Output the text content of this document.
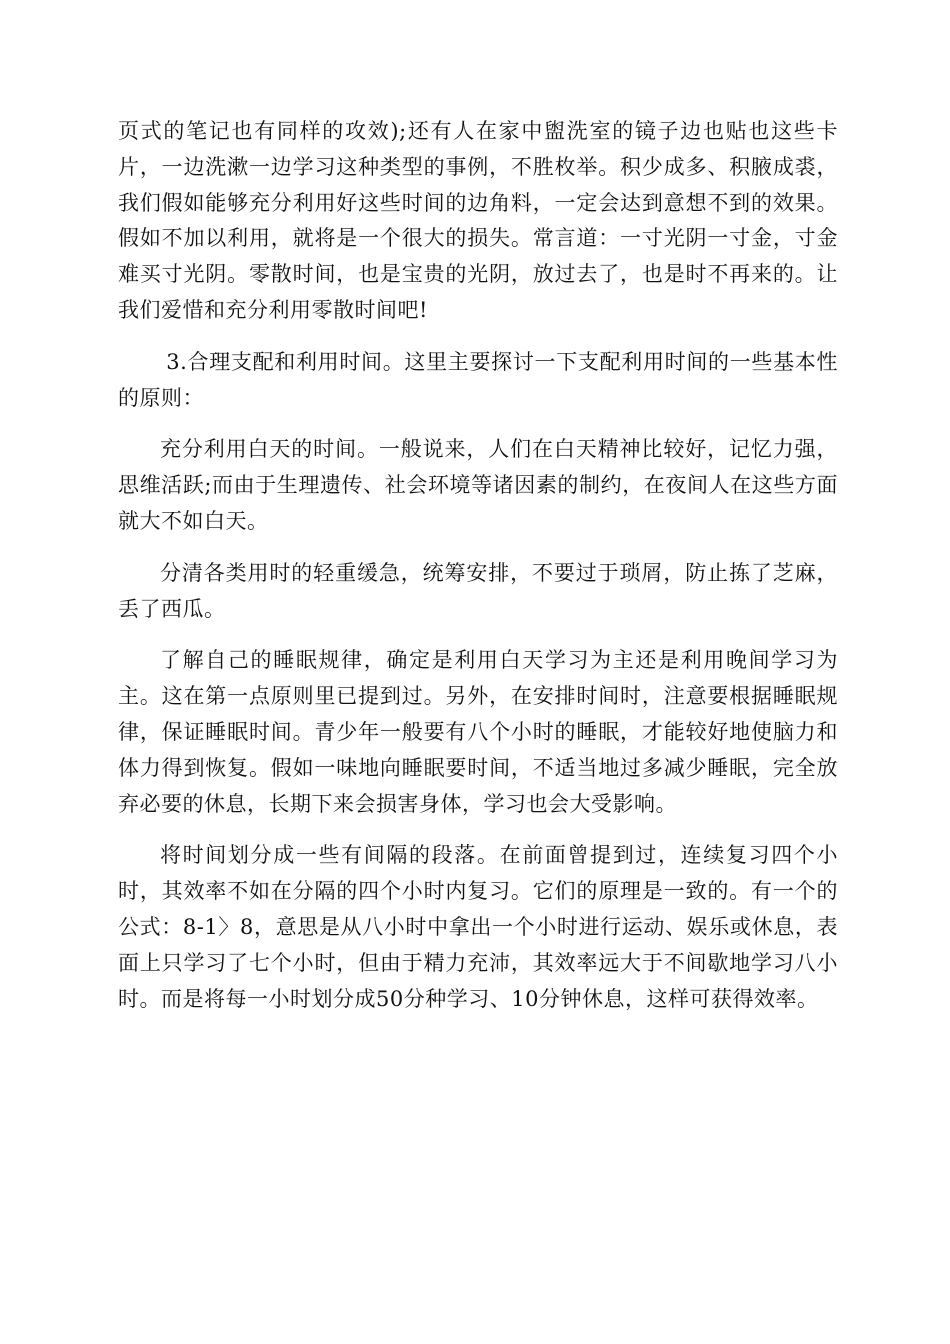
页式的笔记也有同样的攻效);还有人在家中盥洗室的镜子边也贴也这些卡片，一边洗漱一边学习这种类型的事例，不胜枚举。积少成多、积腋成裘，我们假如能够充分利用好这些时间的边角料，一定会达到意想不到的效果。假如不加以利用，就将是一个很大的损失。常言道：一寸光阴一寸金，寸金难买寸光阴。零散时间，也是宝贵的光阴，放过去了，也是时不再来的。让我们爱惜和充分利用零散时间吧!

3.合理支配和利用时间。这里主要探讨一下支配利用时间的一些基本性的原则：

充分利用白天的时间。一般说来，人们在白天精神比较好，记忆力强，思维活跃;而由于生理遗传、社会环境等诸因素的制约，在夜间人在这些方面就大不如白天。

分清各类用时的轻重缓急，统筹安排，不要过于琐屑，防止拣了芝麻，丢了西瓜。

了解自己的睡眠规律，确定是利用白天学习为主还是利用晚间学习为主。这在第一点原则里已提到过。另外，在安排时间时，注意要根据睡眠规律，保证睡眠时间。青少年一般要有八个小时的睡眠，才能较好地使脑力和体力得到恢复。假如一味地向睡眠要时间，不适当地过多减少睡眠，完全放弃必要的休息，长期下来会损害身体，学习也会大受影响。

将时间划分成一些有间隔的段落。在前面曾提到过，连续复习四个小时，其效率不如在分隔的四个小时内复习。它们的原理是一致的。有一个的公式：8-1〉8，意思是从八小时中拿出一个小时进行运动、娱乐或休息，表面上只学习了七个小时，但由于精力充沛，其效率远大于不间歇地学习八小时。而是将每一小时划分成50分种学习、10分钟休息，这样可获得效率。
